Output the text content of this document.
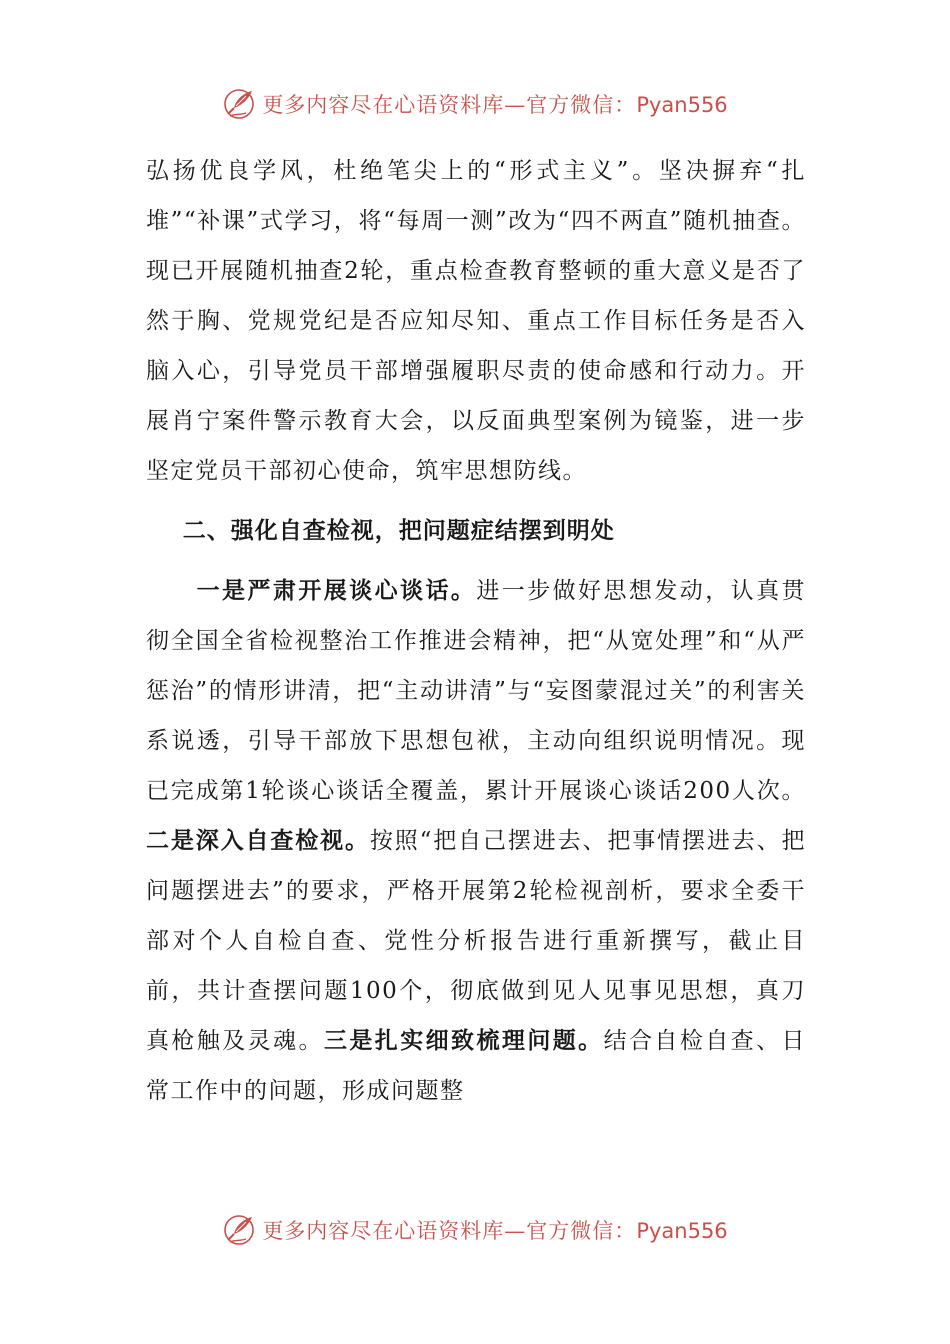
更多内容尽在心语资料库—官方微信：Pyan556

弘扬优良学风，杜绝笔尖上的“形式主义”。坚决摒弃“扎堆”“补课”式学习，将“每周一测”改为“四不两直”随机抽查。现已开展随机抽查2轮，重点检查教育整顿的重大意义是否了然于胸、党规党纪是否应知尽知、重点工作目标任务是否入脑入心，引导党员干部增强履职尽责的使命感和行动力。开展肖宁案件警示教育大会，以反面典型案例为镜鉴，进一步坚定党员干部初心使命，筑牢思想防线。

二、强化自查检视，把问题症结摆到明处

一是严肃开展谈心谈话。进一步做好思想发动，认真贯彻全国全省检视整治工作推进会精神，把“从宽处理”和“从严惩治”的情形讲清，把“主动讲清”与“妄图蒙混过关”的利害关系说透，引导干部放下思想包袱，主动向组织说明情况。现已完成第1轮谈心谈话全覆盖，累计开展谈心谈话200人次。二是深入自查检视。按照“把自己摆进去、把事情摆进去、把问题摆进去”的要求，严格开展第2轮检视剖析，要求全委干部对个人自检自查、党性分析报告进行重新撰写，截止目前，共计查摆问题100个，彻底做到见人见事见思想，真刀真枪触及灵魂。三是扎实细致梳理问题。结合自检自查、日常工作中的问题，形成问题整

更多内容尽在心语资料库—官方微信：Pyan556
